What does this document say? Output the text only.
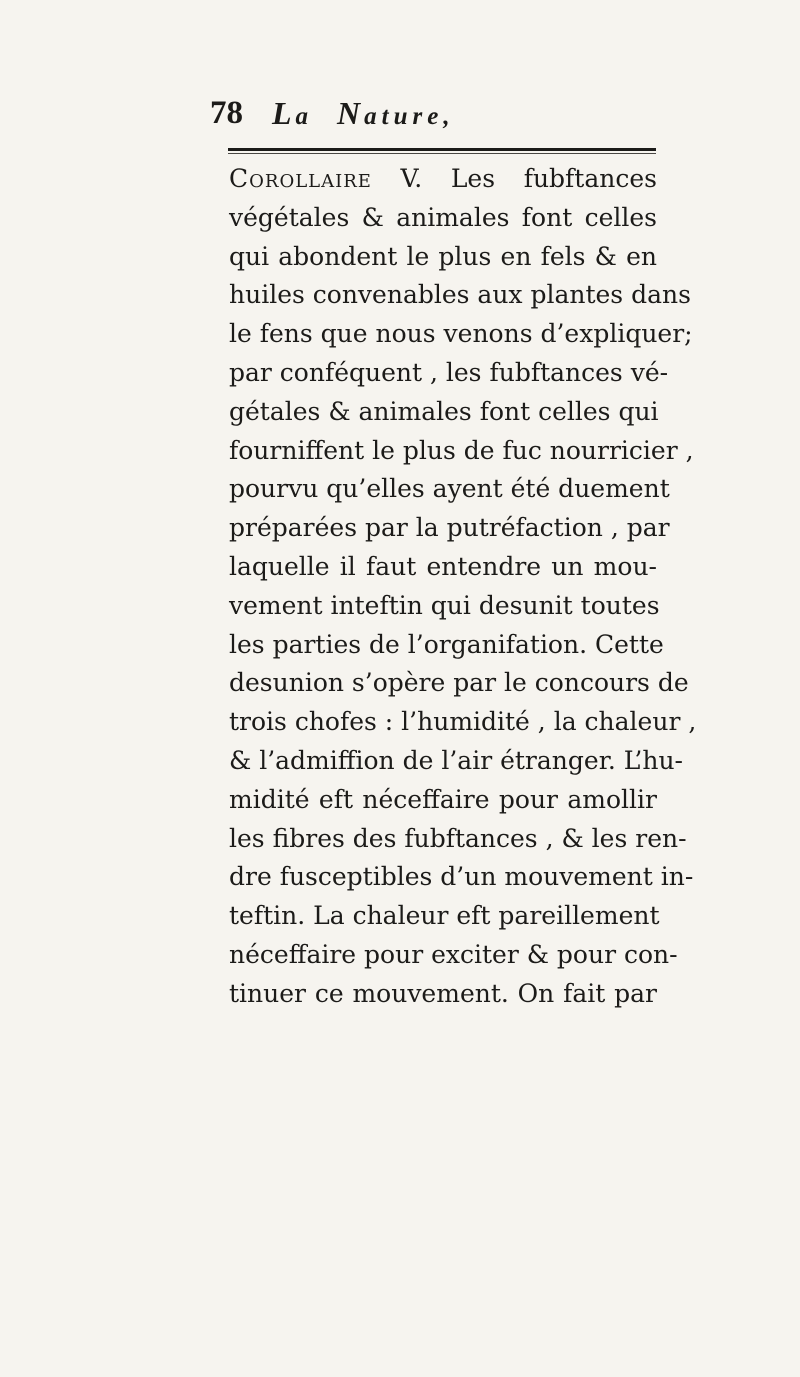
78 La Nature,
Corollaire V. Les fubftances
végétales & animales font celles
qui abondent le plus en fels & en
huiles convenables aux plantes dans
le fens que nous venons d’expliquer;
par conféquent , les fubftances vé-
gétales & animales font celles qui
fourniffent le plus de fuc nourricier ,
pourvu qu’elles ayent été duement
préparées par la putréfaction , par
laquelle il faut entendre un mou-
vement inteftin qui desunit toutes
les parties de l’organifation. Cette
desunion s’opère par le concours de
trois chofes : l’humidité , la chaleur ,
& l’admiffion de l’air étranger. L’hu-
midité eft néceffaire pour amollir
les fibres des fubftances , & les ren-
dre fusceptibles d’un mouvement in-
teftin. La chaleur eft pareillement
néceffaire pour exciter & pour con-
tinuer ce mouvement. On fait par
